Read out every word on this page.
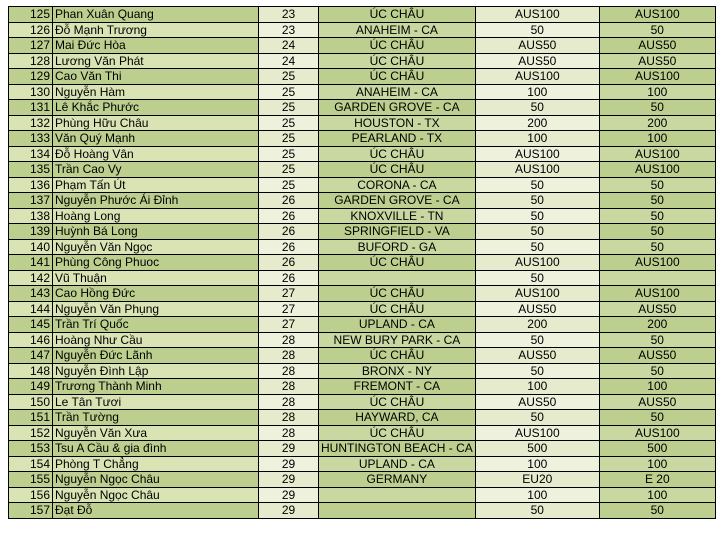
125	Phan Xuân Quang	23	ÚC CHÂU	AUS100	AUS100
126	Đỗ Mạnh Trương	23	ANAHEIM - CA	50	50
127	Mai Đức Hòa	24	ÚC CHÂU	AUS50	AUS50
128	Lương Văn Phát	24	ÚC CHÂU	AUS50	AUS50
129	Cao Văn Thi	25	ÚC CHÂU	AUS100	AUS100
130	Nguyễn Hàm	25	ANAHEIM - CA	100	100
131	Lê Khắc Phước	25	GARDEN GROVE - CA	50	50
132	Phùng Hữu Châu	25	HOUSTON - TX	200	200
133	Văn Quý Mạnh	25	PEARLAND - TX	100	100
134	Đỗ Hoàng Vân	25	ÚC CHÂU	AUS100	AUS100
135	Trần Cao Vy	25	ÚC CHÂU	AUS100	AUS100
136	Phạm Tấn Út	25	CORONA - CA	50	50
137	Nguyễn Phước Ái Đỉnh	26	GARDEN GROVE - CA	50	50
138	Hoàng Long	26	KNOXVILLE - TN	50	50
139	Huỳnh Bá Long	26	SPRINGFIELD - VA	50	50
140	Nguyễn Văn Ngọc	26	BUFORD - GA	50	50
141	Phùng Công Phuoc	26	ÚC CHÂU	AUS100	AUS100
142	Vũ Thuận	26		50	
143	Cao Hồng Đức	27	ÚC CHÂU	AUS100	AUS100
144	Nguyễn Văn Phụng	27	ÚC CHÂU	AUS50	AUS50
145	Trần Trí Quốc	27	UPLAND - CA	200	200
146	Hoàng Như Cầu	28	NEW BURY PARK - CA	50	50
147	Nguyễn Đức Lãnh	28	ÚC CHÂU	AUS50	AUS50
148	Nguyễn Đình Lập	28	BRONX - NY	50	50
149	Trương Thành Minh	28	FREMONT - CA	100	100
150	Le Tân Tươi	28	ÚC CHÂU	AUS50	AUS50
151	Trần Tường	28	HAYWARD, CA	50	50
152	Nguyễn Văn Xưa	28	ÚC CHÂU	AUS100	AUS100
153	Tsu A Cầu & gia đình	29	HUNTINGTON BEACH - CA	500	500
154	Phòng T Chẳng	29	UPLAND - CA	100	100
155	Nguyễn Ngọc Châu	29	GERMANY	EU20	E 20
156	Nguyễn Ngọc Châu	29		100	100
157	Đạt Đỗ	29		50	50
